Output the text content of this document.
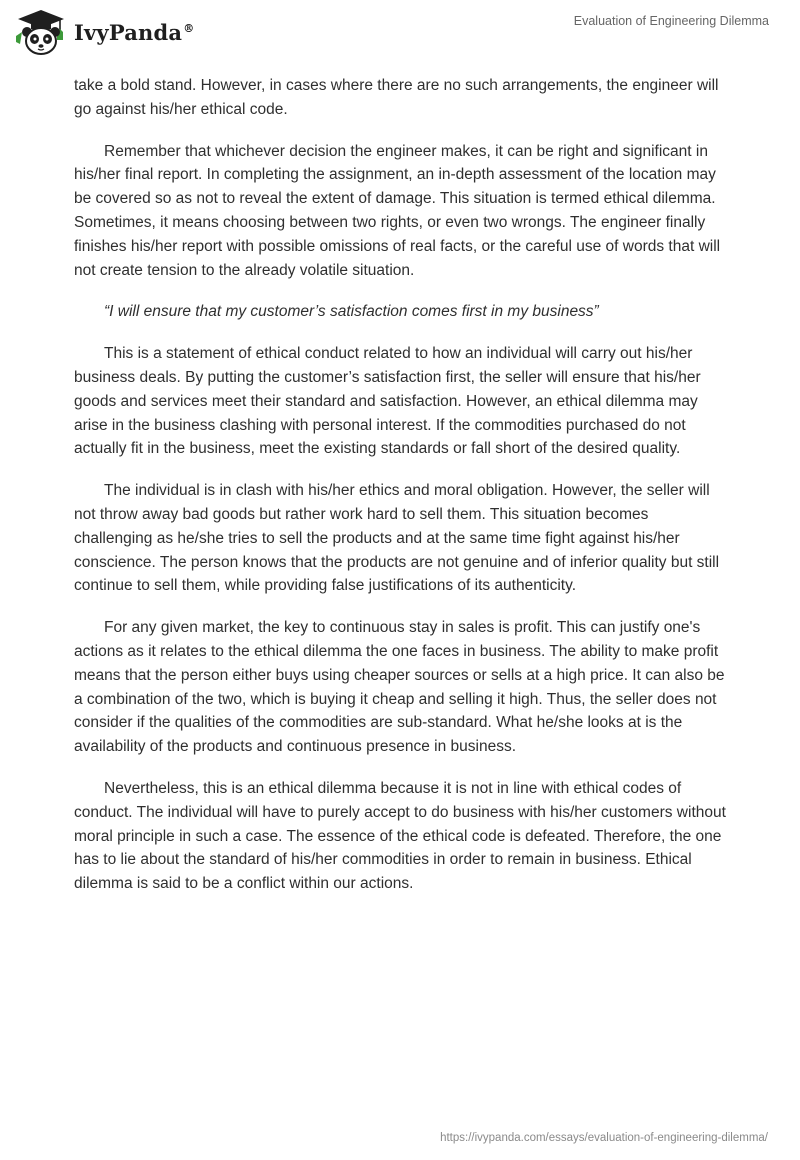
IvyPanda®	Evaluation of Engineering Dilemma

take a bold stand. However, in cases where there are no such arrangements, the engineer will go against his/her ethical code.

Remember that whichever decision the engineer makes, it can be right and significant in his/her final report. In completing the assignment, an in-depth assessment of the location may be covered so as not to reveal the extent of damage. This situation is termed ethical dilemma. Sometimes, it means choosing between two rights, or even two wrongs. The engineer finally finishes his/her report with possible omissions of real facts, or the careful use of words that will not create tension to the already volatile situation.

“I will ensure that my customer’s satisfaction comes first in my business”

This is a statement of ethical conduct related to how an individual will carry out his/her business deals. By putting the customer’s satisfaction first, the seller will ensure that his/her goods and services meet their standard and satisfaction. However, an ethical dilemma may arise in the business clashing with personal interest. If the commodities purchased do not actually fit in the business, meet the existing standards or fall short of the desired quality.

The individual is in clash with his/her ethics and moral obligation. However, the seller will not throw away bad goods but rather work hard to sell them. This situation becomes challenging as he/she tries to sell the products and at the same time fight against his/her conscience. The person knows that the products are not genuine and of inferior quality but still continue to sell them, while providing false justifications of its authenticity.

For any given market, the key to continuous stay in sales is profit. This can justify one's actions as it relates to the ethical dilemma the one faces in business. The ability to make profit means that the person either buys using cheaper sources or sells at a high price. It can also be a combination of the two, which is buying it cheap and selling it high. Thus, the seller does not consider if the qualities of the commodities are sub-standard. What he/she looks at is the availability of the products and continuous presence in business.

Nevertheless, this is an ethical dilemma because it is not in line with ethical codes of conduct. The individual will have to purely accept to do business with his/her customers without moral principle in such a case. The essence of the ethical code is defeated. Therefore, the one has to lie about the standard of his/her commodities in order to remain in business. Ethical dilemma is said to be a conflict within our actions.

https://ivypanda.com/essays/evaluation-of-engineering-dilemma/
